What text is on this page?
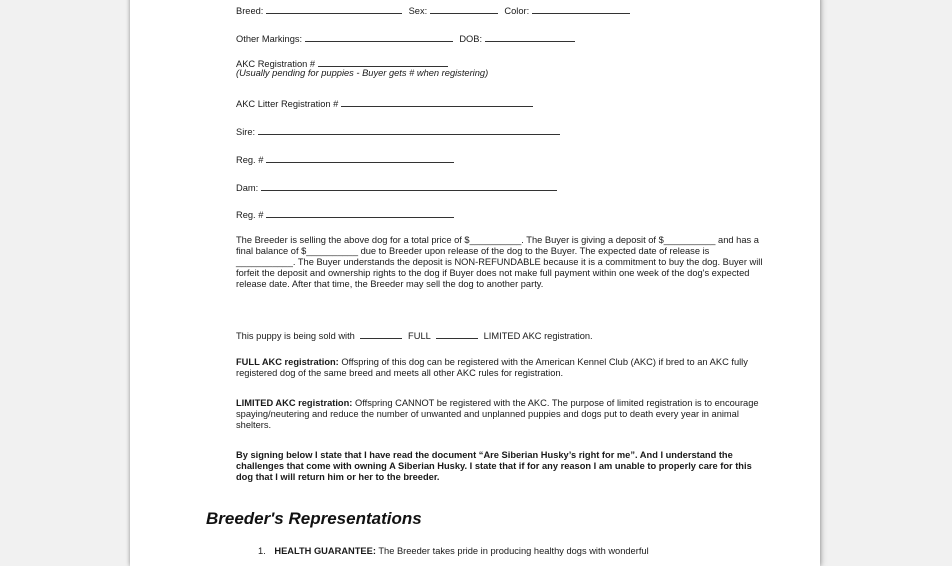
Breed:	Sex:	Color:
Other Markings:	DOB:
AKC Registration #
(Usually pending for puppies - Buyer gets # when registering)
AKC Litter Registration #
Sire:
Reg. #
Dam:
Reg. #
The Breeder is selling the above dog for a total price of $__________. The Buyer is giving a deposit of $__________ and has a final balance of $__________ due to Breeder upon release of the dog to the Buyer. The expected date of release is ___________. The Buyer understands the deposit is NON-REFUNDABLE because it is a commitment to buy the dog. Buyer will forfeit the deposit and ownership rights to the dog if Buyer does not make full payment within one week of the dog's expected release date. After that time, the Breeder may sell the dog to another party.
This puppy is being sold with	FULL	LIMITED AKC registration.
FULL AKC registration: Offspring of this dog can be registered with the American Kennel Club (AKC) if bred to an AKC fully registered dog of the same breed and meets all other AKC rules for registration.
LIMITED AKC registration: Offspring CANNOT be registered with the AKC. The purpose of limited registration is to encourage spaying/neutering and reduce the number of unwanted and unplanned puppies and dogs put to death every year in animal shelters.
By signing below I state that I have read the document “Are Siberian Husky’s right for me”. And I understand the challenges that come with owning A Siberian Husky. I state that if for any reason I am unable to properly care for this dog that I will return him or her to the breeder.
Breeder's Representations
1. HEALTH GUARANTEE: The Breeder takes pride in producing healthy dogs with wonderful
